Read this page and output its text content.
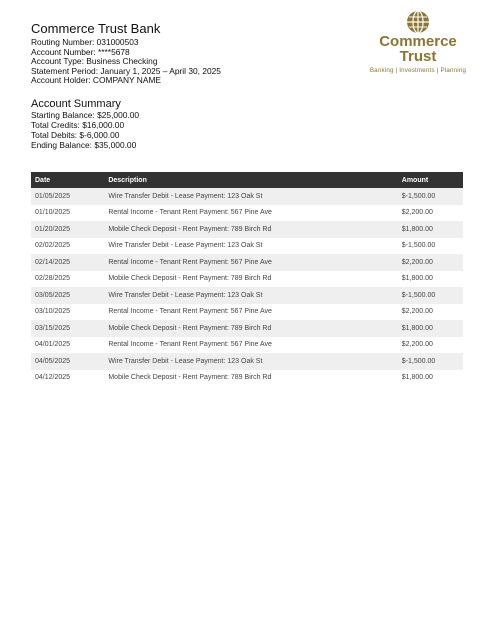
Commerce Trust Bank
Routing Number: 031000503
Account Number: ****5678
Account Type: Business Checking
Statement Period: January 1, 2025 – April 30, 2025
Account Holder: COMPANY NAME
Commerce
Trust
Banking | Investments | Planning
Account Summary
Starting Balance: $25,000.00
Total Credits: $16,000.00
Total Debits: $-6,000.00
Ending Balance: $35,000.00
Date	Description	Amount
01/05/2025	Wire Transfer Debit - Lease Payment: 123 Oak St	$-1,500.00
01/10/2025	Rental Income - Tenant Rent Payment: 567 Pine Ave	$2,200.00
01/20/2025	Mobile Check Deposit - Rent Payment: 789 Birch Rd	$1,800.00
02/02/2025	Wire Transfer Debit - Lease Payment: 123 Oak St	$-1,500.00
02/14/2025	Rental Income - Tenant Rent Payment: 567 Pine Ave	$2,200.00
02/28/2025	Mobile Check Deposit - Rent Payment: 789 Birch Rd	$1,800.00
03/05/2025	Wire Transfer Debit - Lease Payment: 123 Oak St	$-1,500.00
03/10/2025	Rental Income - Tenant Rent Payment: 567 Pine Ave	$2,200.00
03/15/2025	Mobile Check Deposit - Rent Payment: 789 Birch Rd	$1,800.00
04/01/2025	Rental Income - Tenant Rent Payment: 567 Pine Ave	$2,200.00
04/05/2025	Wire Transfer Debit - Lease Payment: 123 Oak St	$-1,500.00
04/12/2025	Mobile Check Deposit - Rent Payment: 789 Birch Rd	$1,800.00
